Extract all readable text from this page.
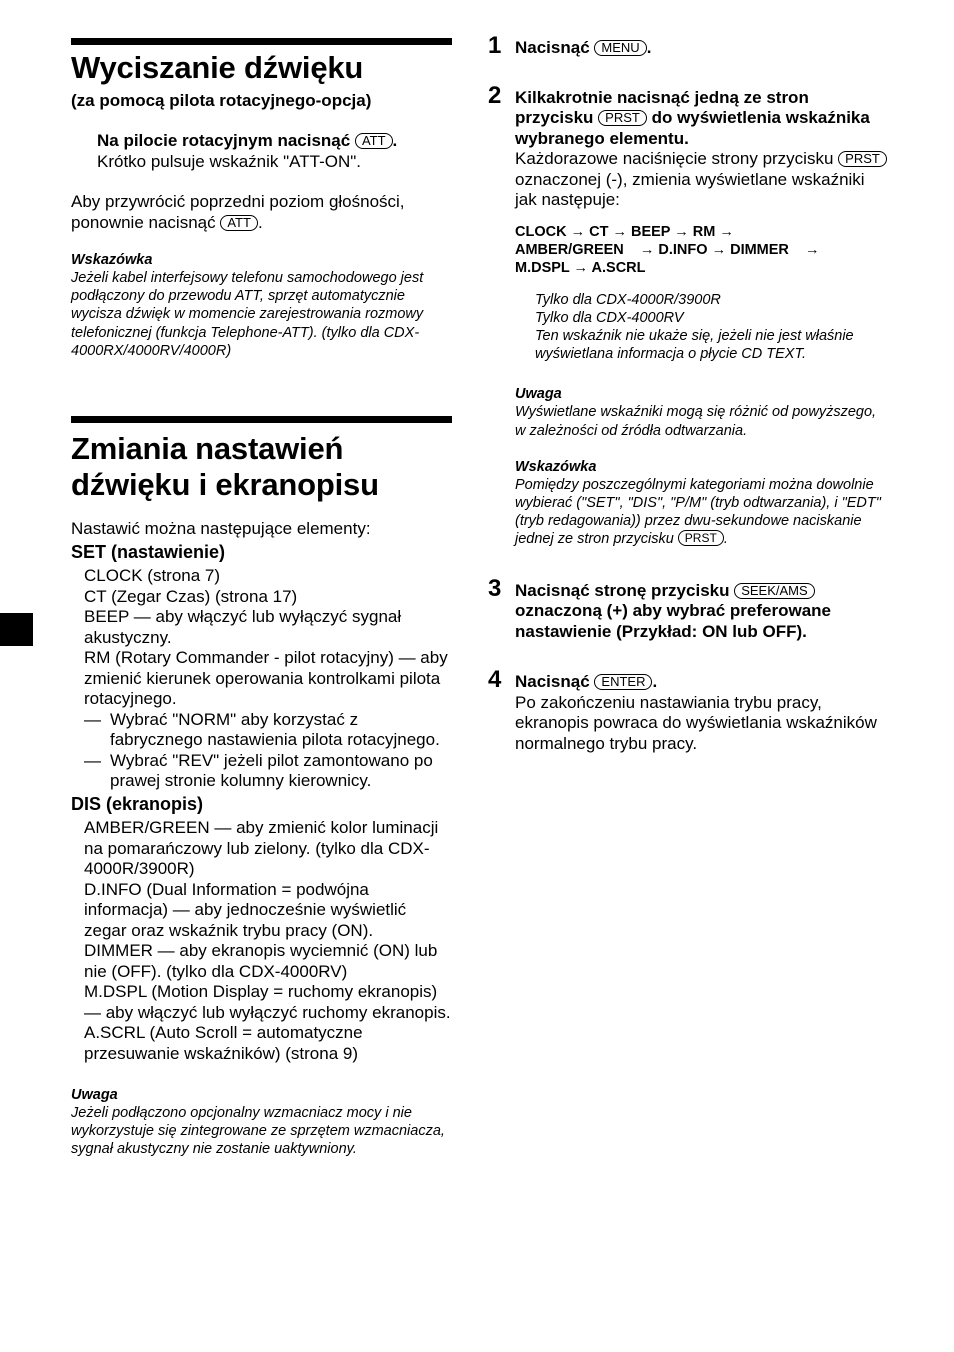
Wyciszanie dźwięku
(za pomocą pilota rotacyjnego-opcja)

Na pilocie rotacyjnym nacisnąć ATT .

Krótko pulsuje wskaźnik "ATT-ON".

Aby przywrócić poprzedni poziom głośności, ponownie nacisnąć ATT .

Wskazówka
Jeżeli kabel interfejsowy telefonu samochodowego jest podłączony do przewodu ATT, sprzęt automatycznie wycisza dźwięk w momencie zarejestrowania rozmowy telefonicznej (funkcja Telephone-ATT). (tylko dla CDX-4000RX/4000RV/4000R)
Zmiania nastawień
dźwięku i ekranopisu

Nastawić można następujące elementy:

SET (nastawienie)

CLOCK (strona 7)

CT (Zegar Czas) (strona 17)

BEEP — aby włączyć lub wyłączyć sygnał akustyczny.

RM (Rotary Commander - pilot rotacyjny) — aby zmienić kierunek operowania kontrolkami pilota rotacyjnego.

— Wybrać "NORM" aby korzystać z fabrycznego nastawienia pilota rotacyjnego.

— Wybrać "REV" jeżeli pilot zamontowano po prawej stronie kolumny kierownicy.

DIS (ekranopis)

AMBER/GREEN — aby zmienić kolor luminacji na pomarańczowy lub zielony. (tylko dla CDX-4000R/3900R)

D.INFO (Dual Information = podwójna informacja) — aby jednocześnie wyświetlić zegar oraz wskaźnik trybu pracy (ON).

DIMMER — aby ekranopis wyciemnić (ON) lub nie (OFF). (tylko dla CDX-4000RV)

M.DSPL (Motion Display = ruchomy ekranopis) — aby włączyć lub wyłączyć ruchomy ekranopis.

A.SCRL (Auto Scroll = automatyczne przesuwanie wskaźników) (strona 9)

Uwaga
Jeżeli podłączono opcjonalny wzmacniacz mocy i nie wykorzystuje się zintegrowane ze sprzętem wzmacniacza, sygnał akustyczny nie zostanie uaktywniony.
1 Nacisnąć MENU .

2 Kilkakrotnie nacisnąć jedną ze stron przycisku PRST do wyświetlenia wskaźnika wybranego elementu.

Każdorazowe naciśnięcie strony przycisku PRST oznaczonej (-), zmienia wyświetlane wskaźniki jak następuje:

CLOCK → CT → BEEP → RM →
AMBER/GREEN    → D.INFO → DIMMER    →
M.DSPL → A.SCRL
Tylko dla CDX-4000R/3900R
Tylko dla CDX-4000RV
Ten wskaźnik nie ukaże się, jeżeli nie jest właśnie wyświetlana informacja o płycie CD TEXT.
Uwaga
Wyświetlane wskaźniki mogą się różnić od powyższego, w zależności od źródła odtwarzania.
Wskazówka
Pomiędzy poszczególnymi kategoriami można dowolnie wybierać ("SET", "DIS", "P/M" (tryb odtwarzania), i "EDT" (tryb redagowania)) przez dwu-sekundowe naciskanie jednej ze stron przycisku PRST .
3 Nacisnąć stronę przycisku SEEK/AMS oznaczoną (+) aby wybrać preferowane nastawienie (Przykład: ON lub OFF).

4 Nacisnąć ENTER .

Po zakończeniu nastawiania trybu pracy, ekranopis powraca do wyświetlania wskaźników normalnego trybu pracy.
